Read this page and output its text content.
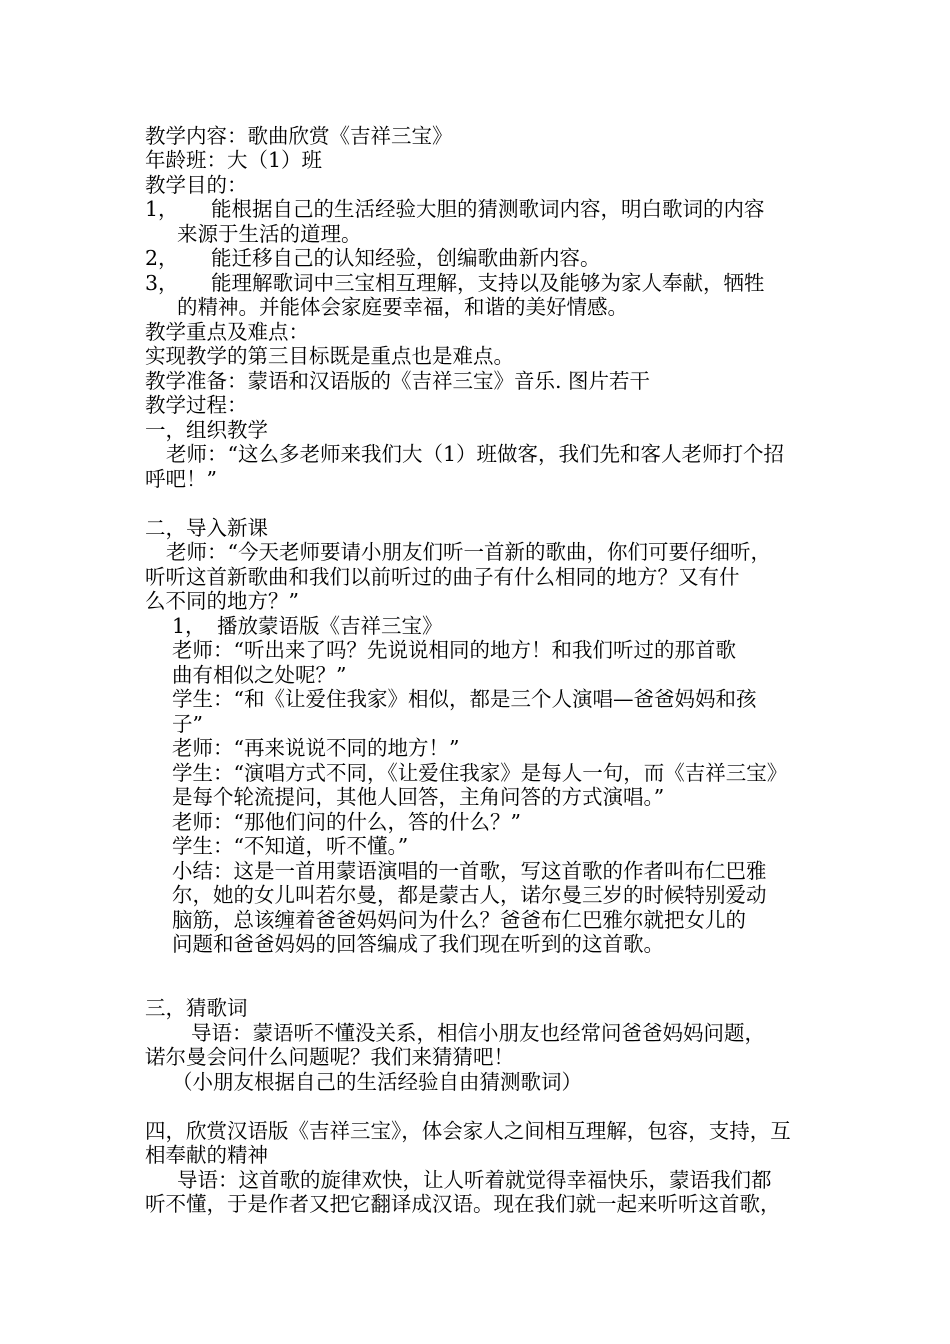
教学内容：歌曲欣赏《吉祥三宝》
年龄班：大（1）班
教学目的：
1， 能根据自己的生活经验大胆的猜测歌词内容，明白歌词的内容
来源于生活的道理。
2， 能迁移自己的认知经验，创编歌曲新内容。
3， 能理解歌词中三宝相互理解，支持以及能够为家人奉献，牺牲
的精神。并能体会家庭要幸福，和谐的美好情感。
教学重点及难点：
实现教学的第三目标既是重点也是难点。
教学准备：蒙语和汉语版的《吉祥三宝》音乐. 图片若干
教学过程：
一，组织教学
老师：“这么多老师来我们大（1）班做客，我们先和客人老师打个招
呼吧！”
二，导入新课
老师：“今天老师要请小朋友们听一首新的歌曲，你们可要仔细听，
听听这首新歌曲和我们以前听过的曲子有什么相同的地方？又有什
么不同的地方？”
1， 播放蒙语版《吉祥三宝》
老师：“听出来了吗？先说说相同的地方！和我们听过的那首歌
曲有相似之处呢？”
学生：“和《让爱住我家》相似，都是三个人演唱—爸爸妈妈和孩
子”
老师：“再来说说不同的地方！”
学生：“演唱方式不同，《让爱住我家》是每人一句，而《吉祥三宝》
是每个轮流提问，其他人回答，主角问答的方式演唱。”
老师：“那他们问的什么，答的什么？”
学生：“不知道，听不懂。”
小结：这是一首用蒙语演唱的一首歌，写这首歌的作者叫布仁巴雅
尔，她的女儿叫若尔曼，都是蒙古人，诺尔曼三岁的时候特别爱动
脑筋，总该缠着爸爸妈妈问为什么？爸爸布仁巴雅尔就把女儿的
问题和爸爸妈妈的回答编成了我们现在听到的这首歌。
三，猜歌词
导语：蒙语听不懂没关系，相信小朋友也经常问爸爸妈妈问题，
诺尔曼会问什么问题呢？我们来猜猜吧！
（小朋友根据自己的生活经验自由猜测歌词）
四，欣赏汉语版《吉祥三宝》，体会家人之间相互理解，包容，支持，互
相奉献的精神
导语：这首歌的旋律欢快，让人听着就觉得幸福快乐，蒙语我们都
听不懂，于是作者又把它翻译成汉语。现在我们就一起来听听这首歌，
